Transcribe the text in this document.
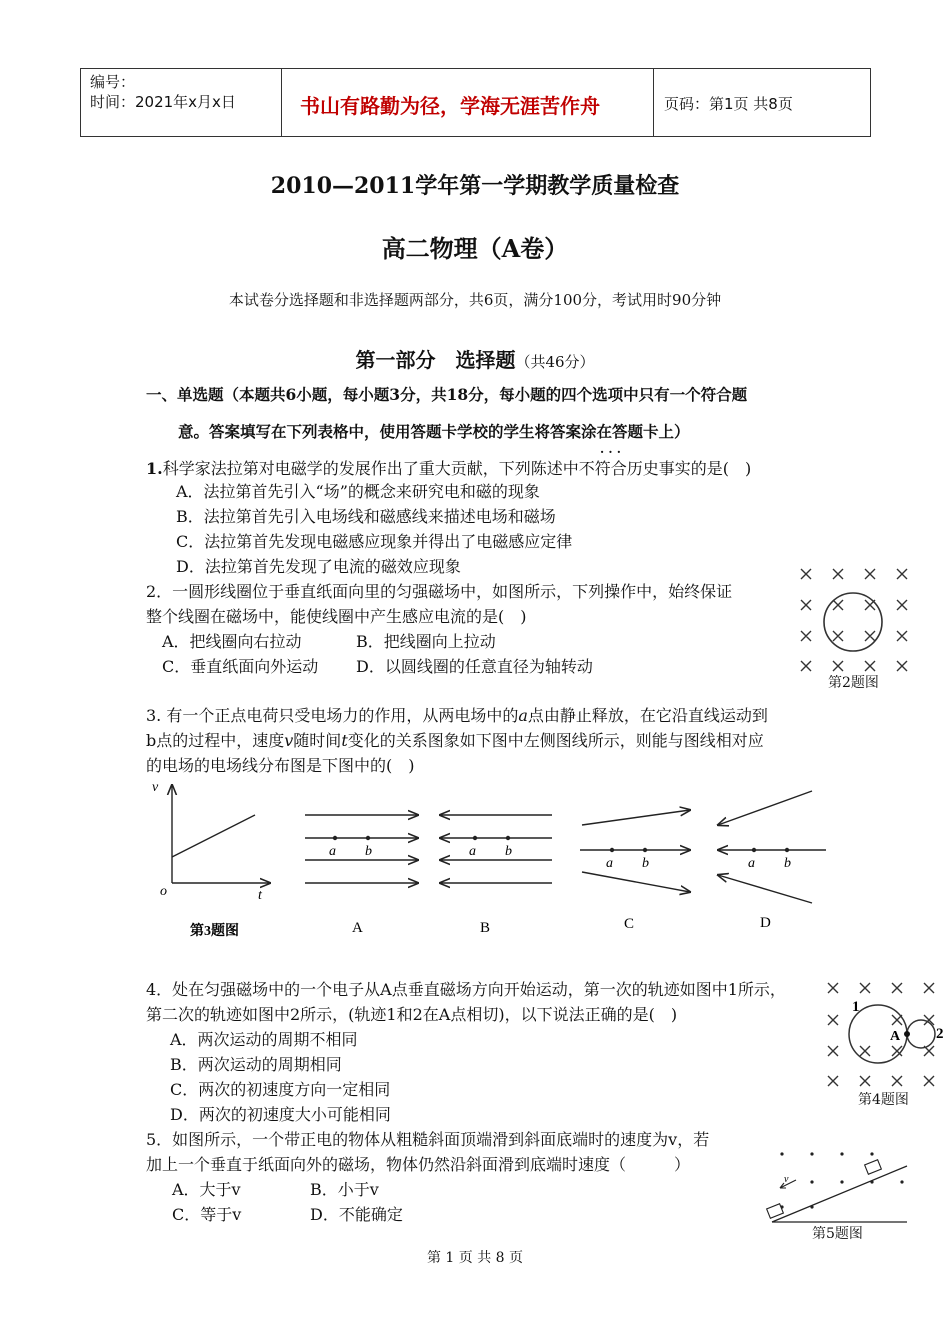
编号：
时间：2021年x月x日	书山有路勤为径，学海无涯苦作舟	页码：第1页 共8页
2010—2011学年第一学期教学质量检查
高二物理（A卷）
本试卷分选择题和非选择题两部分，共6页，满分100分，考试用时90分钟
第一部分　选择题（共46分）
一、单选题（本题共6小题，每小题3分，共18分，每小题的四个选项中只有一个符合题
意。答案填写在下列表格中，使用答题卡学校的学生将答案涂在答题卡上）
· · ·
1.科学家法拉第对电磁学的发展作出了重大贡献，下列陈述中不符合历史事实的是(　)
A．法拉第首先引入“场”的概念来研究电和磁的现象
B．法拉第首先引入电场线和磁感线来描述电场和磁场
C．法拉第首先发现电磁感应现象并得出了电磁感应定律
D．法拉第首先发现了电流的磁效应现象
2．一圆形线圈位于垂直纸面向里的匀强磁场中，如图所示，下列操作中，始终保证
整个线圈在磁场中，能使线圈中产生感应电流的是(　)
A．把线圈向右拉动	B．把线圈向上拉动
C．垂直纸面向外运动 D．以圆线圈的任意直径为轴转动
第2题图
3. 有一个正点电荷只受电场力的作用，从两电场中的a点由静止释放，在它沿直线运动到
b点的过程中，速度v随时间t变化的关系图象如下图中左侧图线所示，则能与图线相对应
的电场的电场线分布图是下图中的(　)
v
o	t
第3题图
a b
A
a b
B
a b
C
a b
D
4．处在匀强磁场中的一个电子从A点垂直磁场方向开始运动，第一次的轨迹如图中1所示，
第二次的轨迹如图中2所示，(轨迹1和2在A点相切)，以下说法正确的是(　)
A．两次运动的周期不相同
B．两次运动的周期相同
C．两次的初速度方向一定相同
D．两次的初速度大小可能相同
1
A 2
第4题图
5．如图所示，一个带正电的物体从粗糙斜面顶端滑到斜面底端时的速度为v，若
加上一个垂直于纸面向外的磁场，物体仍然沿斜面滑到底端时速度（　　　）
A．大于v	B．小于v
C．等于v	D．不能确定
v
第5题图
第 1 页 共 8 页
